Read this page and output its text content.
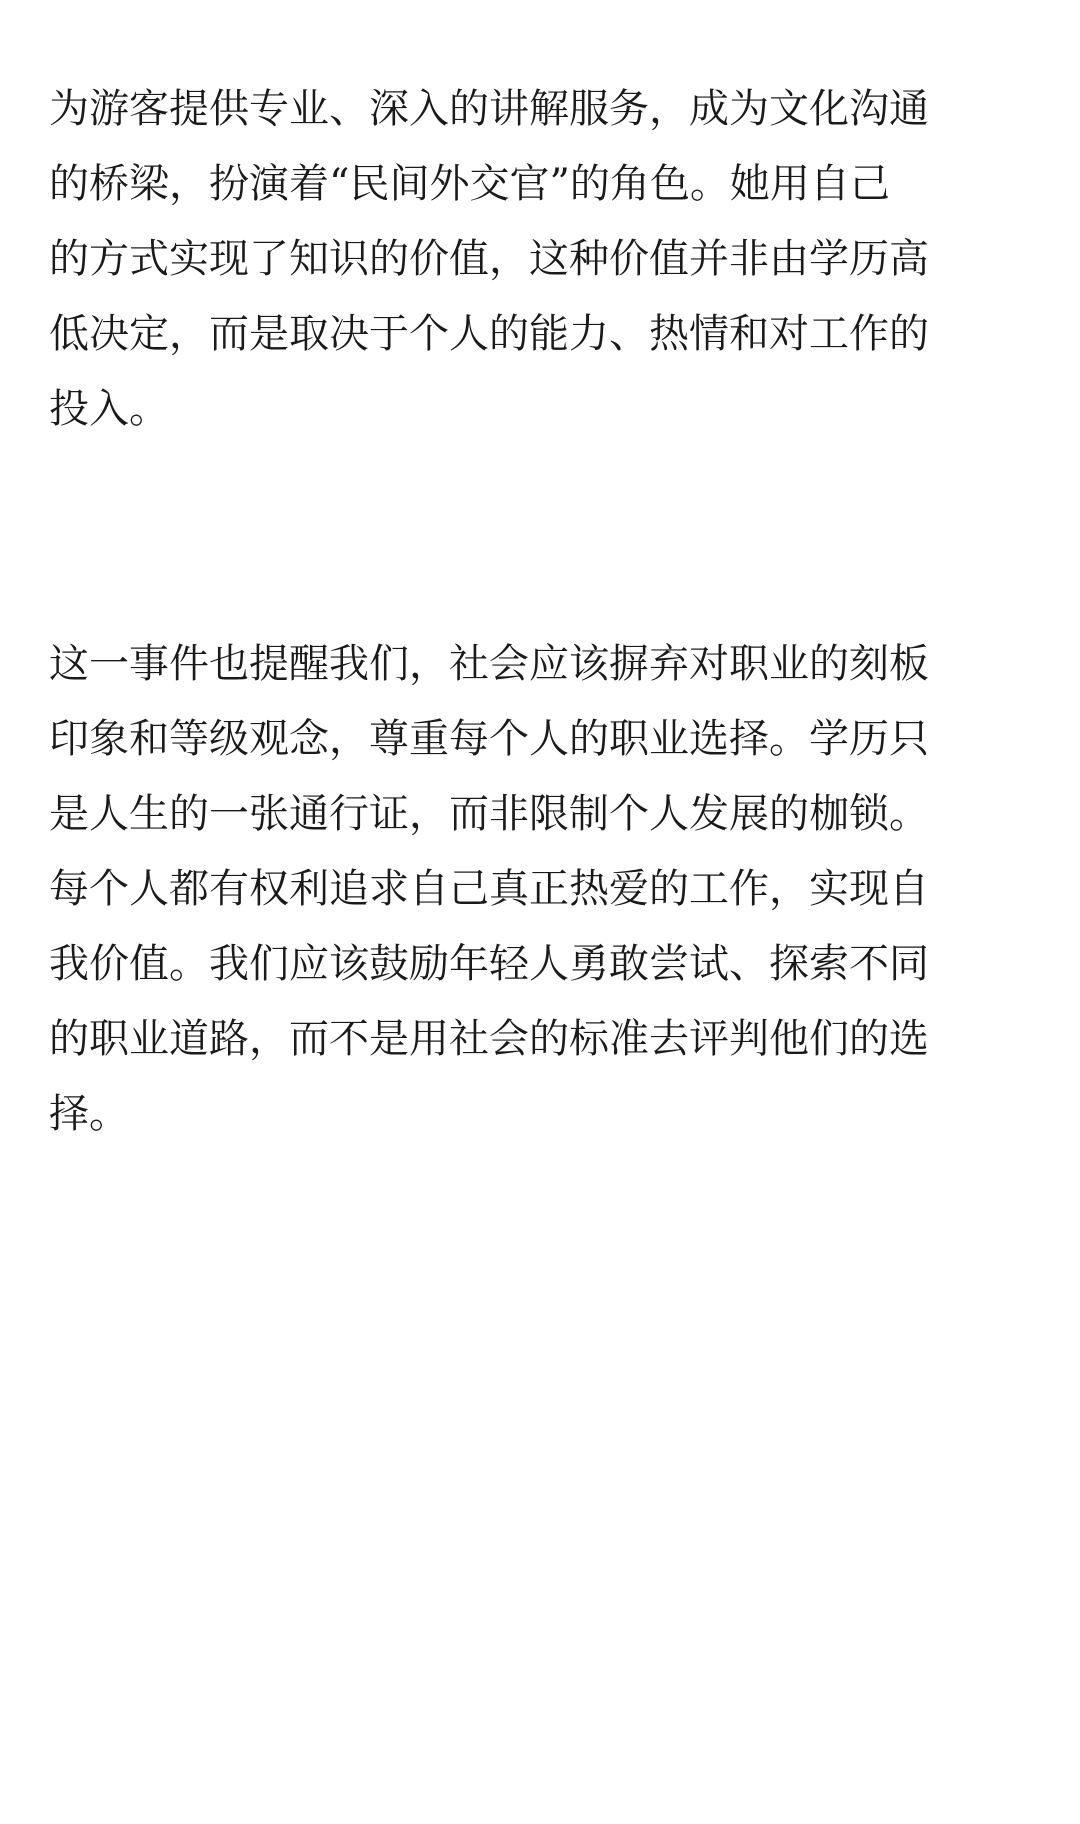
为游客提供专业、深入的讲解服务，成为文化沟通
的桥梁，扮演着“民间外交官”的角色。她用自己
的方式实现了知识的价值，这种价值并非由学历高
低决定，而是取决于个人的能力、热情和对工作的
投入。

这一事件也提醒我们，社会应该摒弃对职业的刻板
印象和等级观念，尊重每个人的职业选择。学历只
是人生的一张通行证，而非限制个人发展的枷锁。
每个人都有权利追求自己真正热爱的工作，实现自
我价值。我们应该鼓励年轻人勇敢尝试、探索不同
的职业道路，而不是用社会的标准去评判他们的选
择。
